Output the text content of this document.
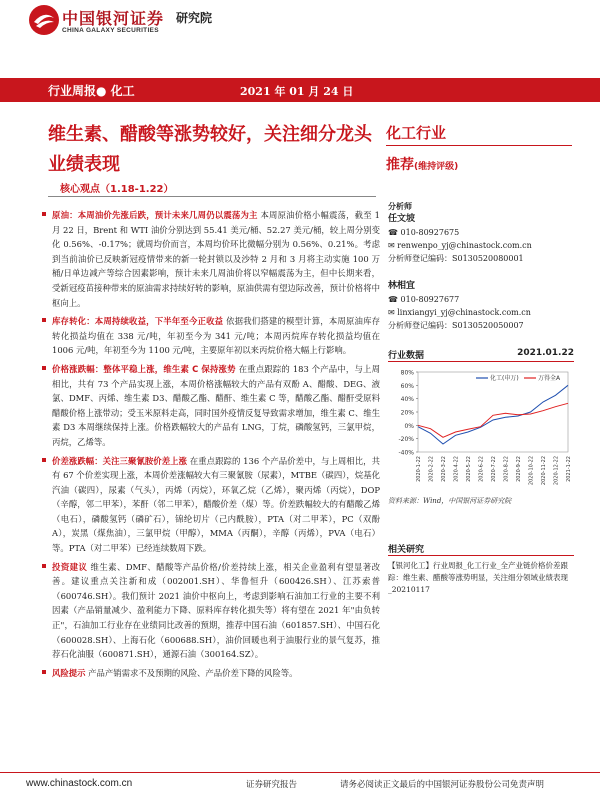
中国银河证券
CHINA GALAXY SECURITIES
研究院
行业周报● 化工	2021 年 01 月 24 日
维生素、醋酸等涨势较好，关注细分龙头业绩表现
核心观点（1.18-1.22）
化工行业
推荐(维持评级)

原油：本周油价先涨后跌，预计未来几周仍以震荡为主 本周原油价格小幅震荡，截至 1 月 22 日，Brent 和 WTI 油价分别达到 55.41 美元/桶、52.27 美元/桶，较上周分别变化 0.56%、-0.17%；就周均价而言，本周均价环比微幅分别为 0.56%、0.21%。考虑到当前油价已反映新冠疫情带来的新一轮封锁以及沙特 2 月和 3 月将主动实施 100 万桶/日单边减产等综合因素影响，预计未来几周油价将以窄幅震荡为主，但中长期来看，受新冠疫苗接种带来的原油需求持续好转的影响，原油供需有望边际改善，预计价格将中枢向上。

库存转化：本周持续收益，下半年至今正收益 依据我们搭建的模型计算，本周原油库存转化损益均值在 338 元/吨，年初至今为 341 元/吨；本周丙烷库存转化损益均值在 1006 元/吨，年初至今为 1100 元/吨，主要原年初以来丙烷价格大幅上行影响。

价格涨跌幅：整体平稳上涨，维生素 C 保持涨势 在重点跟踪的 183 个产品中，与上周相比，共有 73 个产品实现上涨，本周价格涨幅较大的产品有双酚 A、醋酸、DEG、液氯、DMF、丙烯、维生素 D3、醋酸乙酯、醋酐、维生素 C 等，醋酸乙酯、醋酐受原料醋酸价格上涨带动；受玉米原料走高，同时国外疫情反复导致需求增加，维生素 C、维生素 D3 本周继续保持上涨。价格跌幅较大的产品有 LNG，丁烷，磷酸氢钙，三氯甲烷，丙烷，乙烯等。

价差涨跌幅：关注三聚氰胺价差上涨 在重点跟踪的 136 个产品价差中，与上周相比，共有 67 个价差实现上涨，本周价差涨幅较大有三聚氰胺（尿素），MTBE（碳四），烷基化汽油（碳四），尿素（气头），丙烯（丙烷），环氧乙烷（乙烯），聚丙烯（丙烷），DOP（辛醇，邻二甲苯），苯酐（邻二甲苯），醋酸价差（煤）等。价差跌幅较大的有醋酸乙烯（电石），磷酸氢钙（磷矿石），锦纶切片（己内酰胺），PTA（对二甲苯），PC（双酚 A），炭黑（煤焦油），三氯甲烷（甲醇），MMA（丙酮），辛醇（丙烯），PVA（电石）等。PTA（对二甲苯）已经连续数周下跌。

投资建议 维生素、DMF、醋酸等产品价格/价差持续上涨，相关企业盈利有望显著改善。建议重点关注新和成（002001.SH）、华鲁恒升（600426.SH）、江苏索普（600746.SH）。我们预计 2021 油价中枢向上，考虑到影响石油加工行业的主要不利因素（产品销量减少、盈利能力下降、原料库存转化损失等）将有望在 2021 年"由负转正"，石油加工行业存在业绩同比改善的预期，推荐中国石油（601857.SH）、中国石化（600028.SH）、上海石化（600688.SH），油价回暖也利于油服行业的景气复苏，推荐石化油服（600871.SH），通源石油（300164.SZ）。

风险提示 产品产销需求不及预期的风险、产品价差下降的风险等。

分析师
任文坡
☎ 010-80927675
✉ renwenpo_yj@chinastock.com.cn
分析师登记编码：S0130520080001
林相宜
☎ 010-80927677
✉ linxiangyi_yj@chinastock.com.cn
分析师登记编码：S0130520050007
行业数据	2021.01.22
-40%
-20%
0%
20%
40%
60%
80%
2020-1-22 2020-2-22 2020-3-22 2020-4-22 2020-5-22 2020-6-22 2020-7-22 2020-8-22 2020-9-22 2020-10-22 2020-11-22 2020-12-22 2021-1-22
化工(申万)	万得全A
资料来源：Wind，中国银河证券研究院
相关研究
【银河化工】行业周报_化工行业_全产业链价格价差跟踪：维生素、醋酸等涨势明显，关注细分领域业绩表现_20210117
www.chinastock.com.cn	证券研究报告	请务必阅读正文最后的中国银河证券股份公司免责声明
